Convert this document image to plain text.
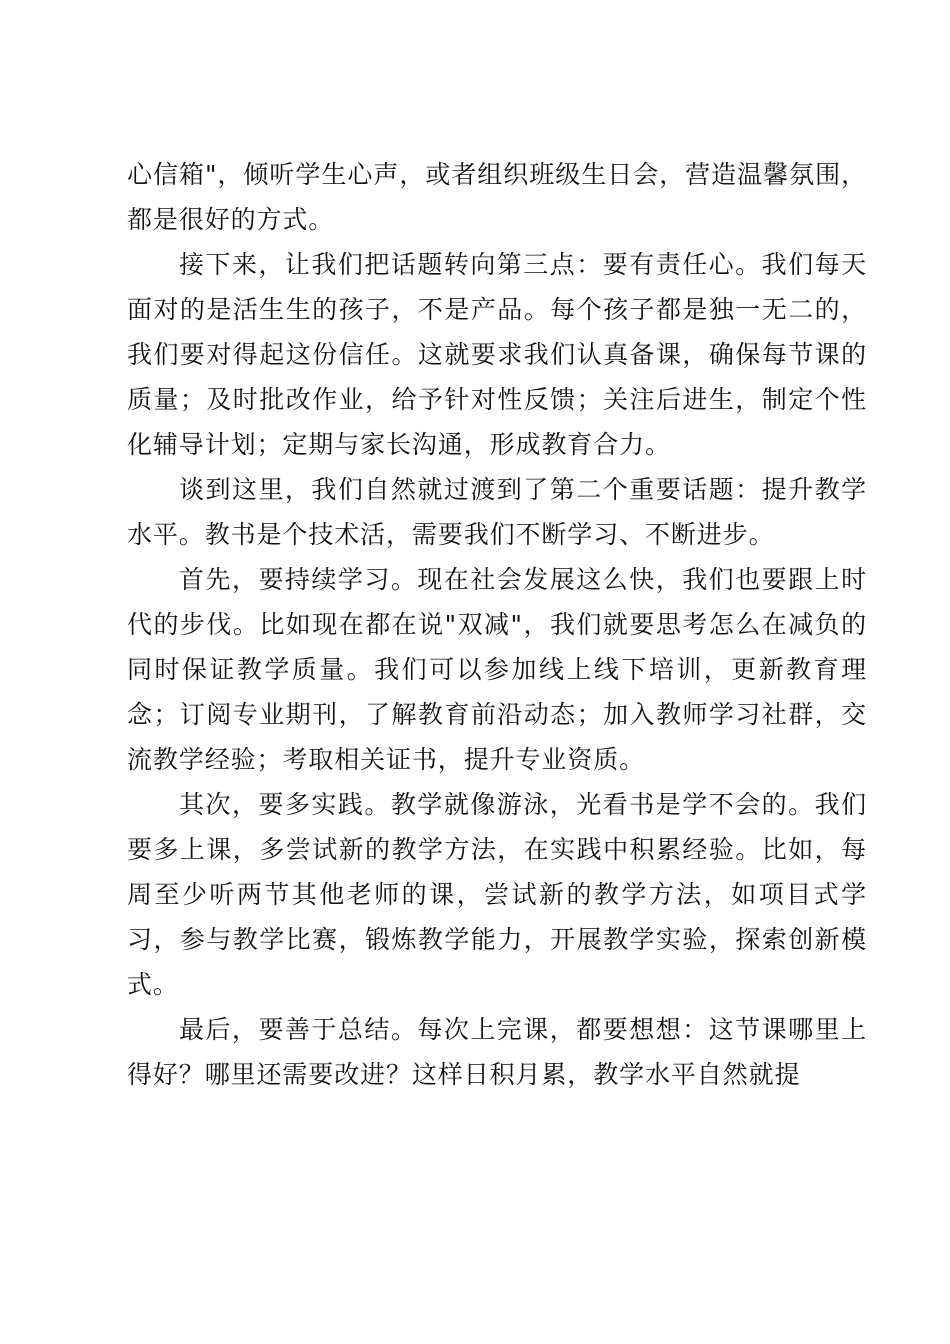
心信箱"，倾听学生心声，或者组织班级生日会，营造温馨氛围，都是很好的方式。

接下来，让我们把话题转向第三点：要有责任心。我们每天面对的是活生生的孩子，不是产品。每个孩子都是独一无二的，我们要对得起这份信任。这就要求我们认真备课，确保每节课的质量；及时批改作业，给予针对性反馈；关注后进生，制定个性化辅导计划；定期与家长沟通，形成教育合力。

谈到这里，我们自然就过渡到了第二个重要话题：提升教学水平。教书是个技术活，需要我们不断学习、不断进步。

首先，要持续学习。现在社会发展这么快，我们也要跟上时代的步伐。比如现在都在说"双减"，我们就要思考怎么在减负的同时保证教学质量。我们可以参加线上线下培训，更新教育理念；订阅专业期刊，了解教育前沿动态；加入教师学习社群，交流教学经验；考取相关证书，提升专业资质。

其次，要多实践。教学就像游泳，光看书是学不会的。我们要多上课，多尝试新的教学方法，在实践中积累经验。比如，每周至少听两节其他老师的课，尝试新的教学方法，如项目式学习，参与教学比赛，锻炼教学能力，开展教学实验，探索创新模式。

最后，要善于总结。每次上完课，都要想想：这节课哪里上得好？哪里还需要改进？这样日积月累，教学水平自然就提
